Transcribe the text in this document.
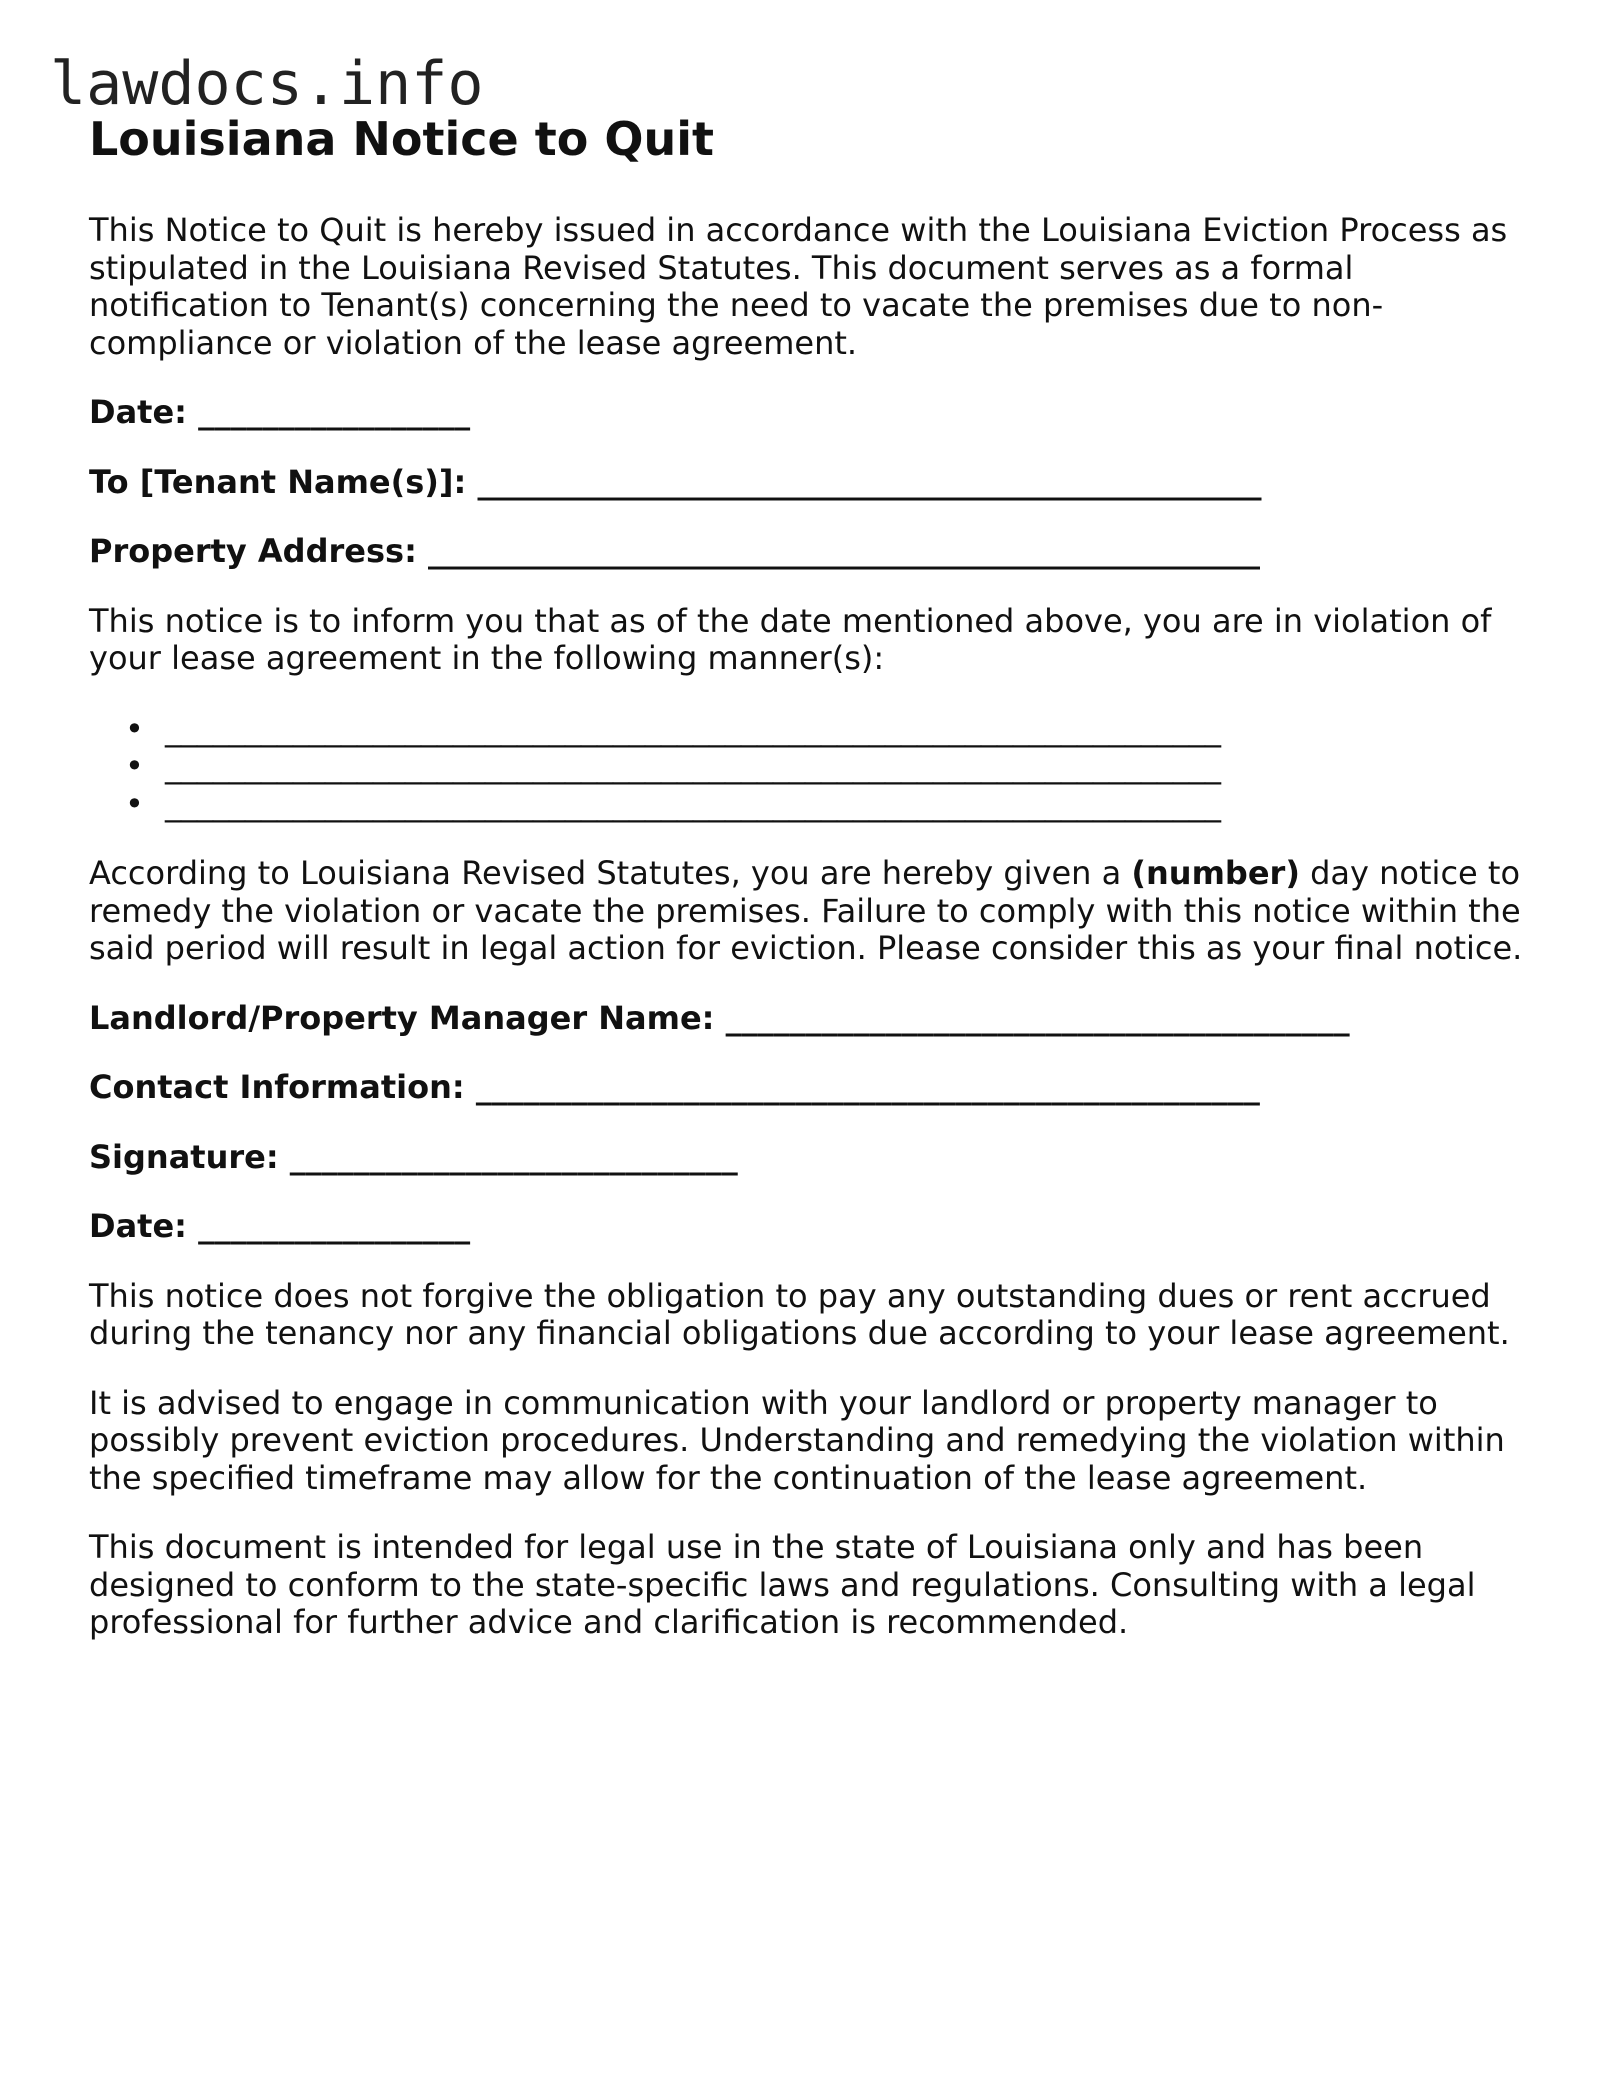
lawdocs.info
Louisiana Notice to Quit

This Notice to Quit is hereby issued in accordance with the Louisiana Eviction Process as stipulated in the Louisiana Revised Statutes. This document serves as a formal notification to Tenant(s) concerning the need to vacate the premises due to non-compliance or violation of the lease agreement.

Date: _________________
To [Tenant Name(s)]: _________________________________________________
Property Address: ____________________________________________________

This notice is to inform you that as of the date mentioned above, you are in violation of your lease agreement in the following manner(s):

• __________________________________________________________________
• __________________________________________________________________
• __________________________________________________________________

According to Louisiana Revised Statutes, you are hereby given a (number) day notice to remedy the violation or vacate the premises. Failure to comply with this notice within the said period will result in legal action for eviction. Please consider this as your final notice.

Landlord/Property Manager Name: _______________________________________
Contact Information: _________________________________________________
Signature: ____________________________
Date: _________________

This notice does not forgive the obligation to pay any outstanding dues or rent accrued during the tenancy nor any financial obligations due according to your lease agreement.

It is advised to engage in communication with your landlord or property manager to possibly prevent eviction procedures. Understanding and remedying the violation within the specified timeframe may allow for the continuation of the lease agreement.

This document is intended for legal use in the state of Louisiana only and has been designed to conform to the state-specific laws and regulations. Consulting with a legal professional for further advice and clarification is recommended.
